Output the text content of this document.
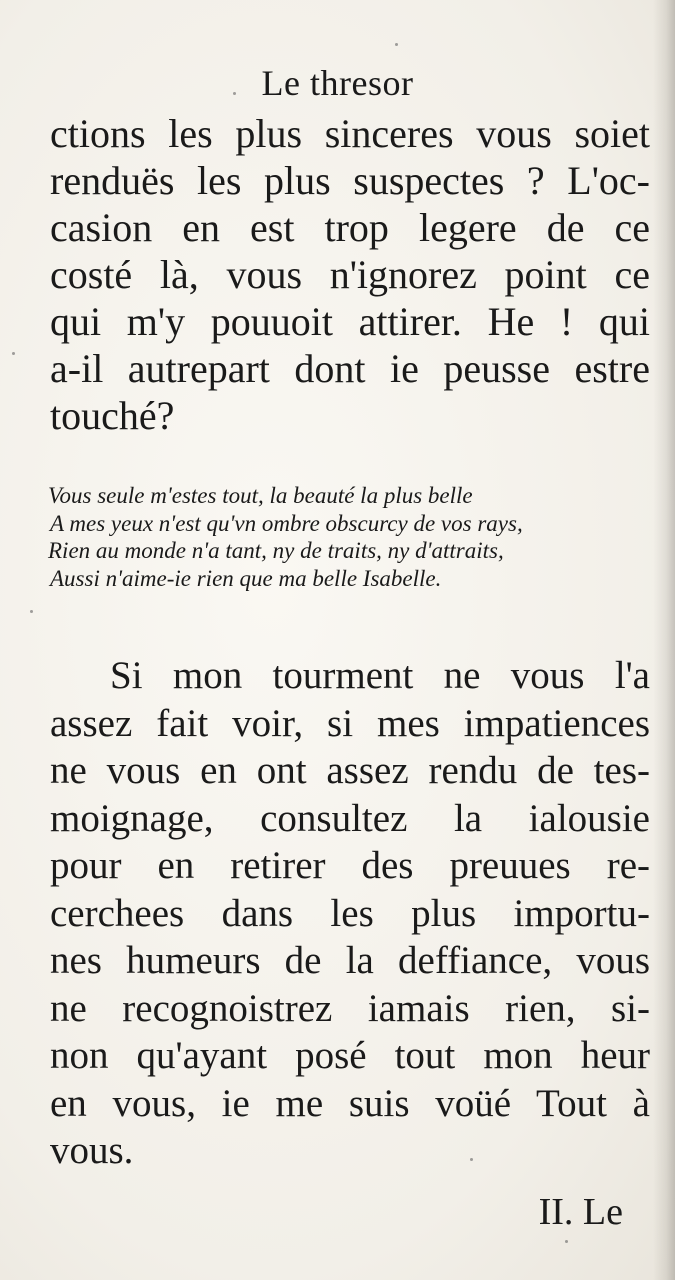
Le thresor
ctions les plus sinceres vous soiet
renduës les plus suspectes ? L'oc-
casion en est trop legere de ce
costé là, vous n'ignorez point ce
qui m'y pouuoit attirer. He ! qui
a-il autrepart dont ie peusse estre
touché?
Vous seule m'estes tout, la beauté la plus belle
A mes yeux n'est qu'vn ombre obscurcy de vos rays,
Rien au monde n'a tant, ny de traits, ny d'attraits,
Aussi n'aime-ie rien que ma belle Isabelle.
Si mon tourment ne vous l'a
assez fait voir, si mes impatiences
ne vous en ont assez rendu de tes-
moignage, consultez la ialousie
pour en retirer des preuues re-
cerchees dans les plus importu-
nes humeurs de la deffiance, vous
ne recognoistrez iamais rien, si-
non qu'ayant posé tout mon heur
en vous, ie me suis voüé Tout à
vous.
II. Le
